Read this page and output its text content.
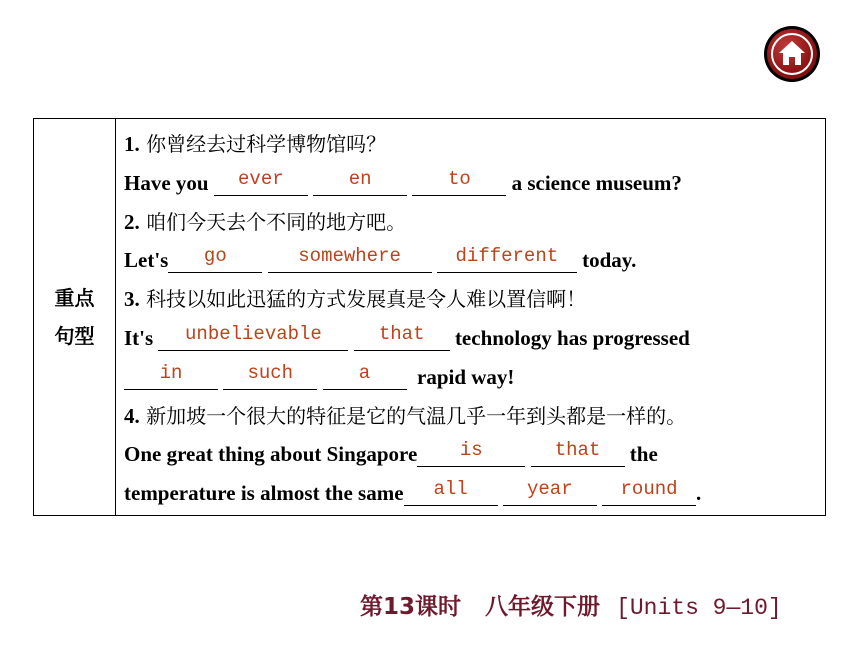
重点句型
1. 你曾经去过科学博物馆吗？
Have you ever	en	to a science museum?
2. 咱们今天去个不同的地方吧。
Let's go	somewhere	different today.
3. 科技以如此迅猛的方式发展真是令人难以置信啊！
It's unbelievable	that technology has progressed
in	such	a rapid way!
4. 新加坡一个很大的特征是它的气温几乎一年到头都是一样的。
One great thing about Singapore is	that the
temperature is almost the same all	year	round .
第13课时 八年级下册 [Units 9—10]
